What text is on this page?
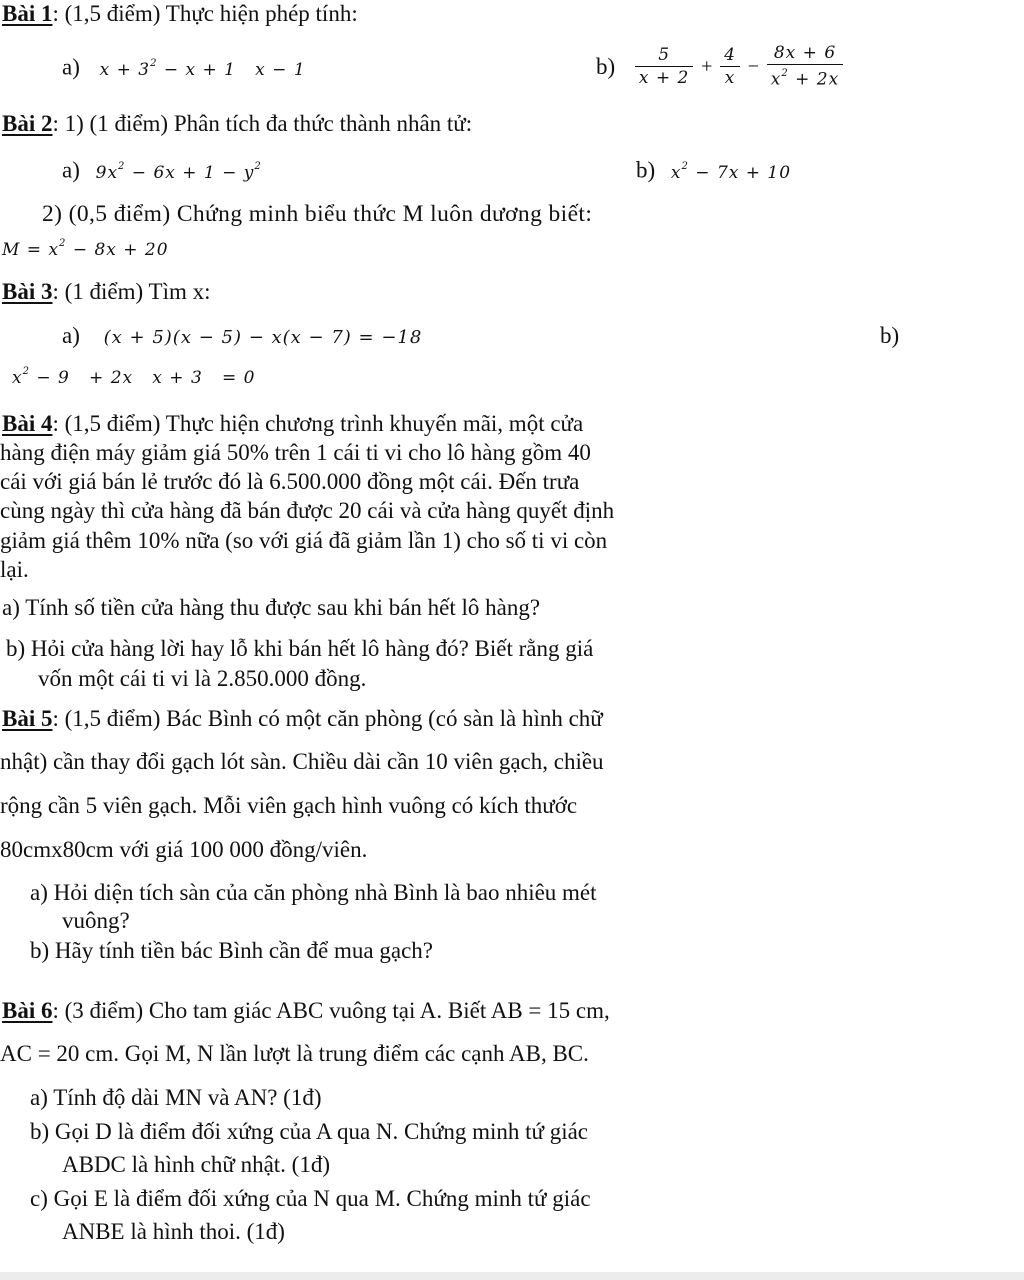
Bài 1: (1,5 điểm) Thực hiện phép tính:
a) $x + 3^2 - x + 1$   x − 1	$b) \frac{5}{x + 2} + \frac{4}{x} - \frac{8x + 6}{x^2 + 2x}$
Bài 2: 1) (1 điểm) Phân tích đa thức thành nhân tử:
a) $9x^2 - 6x + 1 - y^2$	b) $x^2 - 7x + 10$
2) (0,5 điểm) Chứng minh biểu thức M luôn dương biết:
$M = x^2 - 8x + 20$
Bài 3: (1 điểm) Tìm x:
a) (x + 5)(x − 5) − x(x − 7) = −18	b)
$x^2 - 9 + 2x$   x + 3   = 0
Bài 4: (1,5 điểm) Thực hiện chương trình khuyến mãi, một cửa
hàng điện máy giảm giá 50% trên 1 cái ti vi cho lô hàng gồm 40
cái với giá bán lẻ trước đó là 6.500.000 đồng một cái. Đến trưa
cùng ngày thì cửa hàng đã bán được 20 cái và cửa hàng quyết định
giảm giá thêm 10% nữa (so với giá đã giảm lần 1) cho số ti vi còn
lại.
a) Tính số tiền cửa hàng thu được sau khi bán hết lô hàng?
b) Hỏi cửa hàng lời hay lỗ khi bán hết lô hàng đó? Biết rằng giá
vốn một cái ti vi là 2.850.000 đồng.
Bài 5: (1,5 điểm) Bác Bình có một căn phòng (có sàn là hình chữ
nhật) cần thay đổi gạch lót sàn. Chiều dài cần 10 viên gạch, chiều
rộng cần 5 viên gạch. Mỗi viên gạch hình vuông có kích thước
80cmx80cm với giá 100 000 đồng/viên.
a) Hỏi diện tích sàn của căn phòng nhà Bình là bao nhiêu mét
vuông?
b) Hãy tính tiền bác Bình cần để mua gạch?
Bài 6: (3 điểm) Cho tam giác ABC vuông tại A. Biết AB = 15 cm,
AC = 20 cm. Gọi M, N lần lượt là trung điểm các cạnh AB, BC.
a) Tính độ dài MN và AN? (1đ)
b) Gọi D là điểm đối xứng của A qua N. Chứng minh tứ giác
ABDC là hình chữ nhật. (1đ)
c) Gọi E là điểm đối xứng của N qua M. Chứng minh tứ giác
ANBE là hình thoi. (1đ)
